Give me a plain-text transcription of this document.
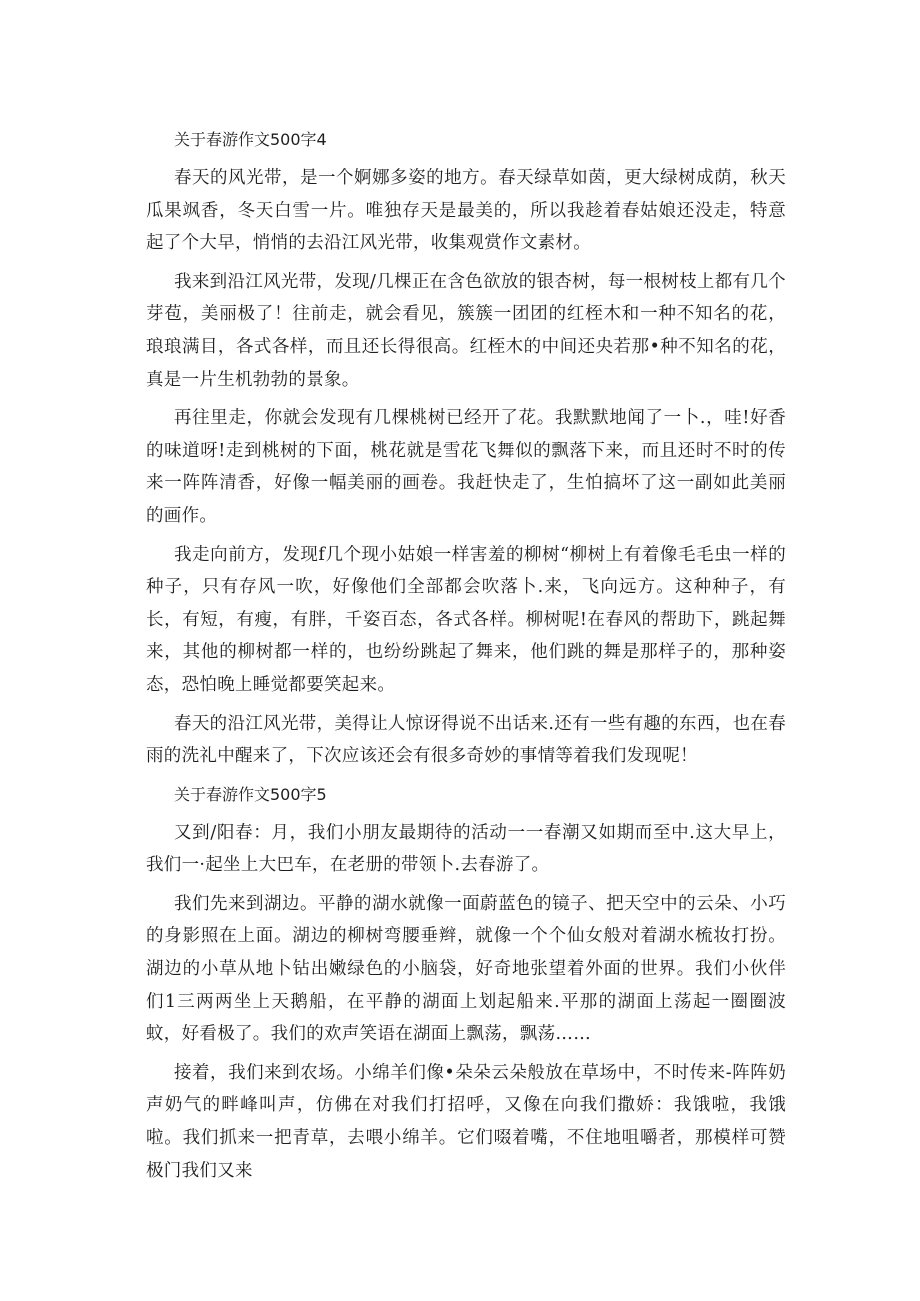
关于春游作文500字4

春天的风光带，是一个婀娜多姿的地方。春天绿草如茵，更大绿树成荫，秋天瓜果飒香，冬天白雪一片。唯独存天是最美的，所以我趁着春姑娘还没走，特意起了个大早，悄悄的去沿江风光带，收集观赏作文素材。

我来到沿江风光带，发现/几棵正在含色欲放的银杏树，每一根树枝上都有几个芽苞，美丽极了！往前走，就会看见，簇簇一团团的红桎木和一种不知名的花，琅琅满目，各式各样，而且还长得很高。红桎木的中间还央若那•种不知名的花，真是一片生机勃勃的景象。

再往里走，你就会发现有几棵桃树已经开了花。我默默地闻了一卜.，哇!好香的味道呀!走到桃树的下面，桃花就是雪花飞舞似的飘落下来，而且还时不时的传来一阵阵清香，好像一幅美丽的画卷。我赶快走了，生怕搞坏了这一副如此美丽的画作。

我走向前方，发现f几个现小姑娘一样害羞的柳树“柳树上有着像毛毛虫一样的种子，只有存风一吹，好像他们全部都会吹落卜.来，飞向远方。这种种子，有长，有短，有瘦，有胖，千姿百态，各式各样。柳树呢!在春风的帮助下，跳起舞来，其他的柳树都一样的，也纷纷跳起了舞来，他们跳的舞是那样子的，那种姿态，恐怕晚上睡觉都要笑起来。

春天的沿江风光带，美得让人惊讶得说不出话来.还有一些有趣的东西，也在春雨的洗礼中醒来了，下次应该还会有很多奇妙的事情等着我们发现呢！

关于春游作文500字5

又到/阳春：月，我们小朋友最期待的活动一一春潮又如期而至中.这大早上，我们一·起坐上大巴车，在老册的带领卜.去春游了。

我们先来到湖边。平静的湖水就像一面蔚蓝色的镜子、把天空中的云朵、小巧的身影照在上面。湖边的柳树弯腰垂辫，就像一个个仙女般对着湖水梳妆打扮。湖边的小草从地卜钻出嫩绿色的小脑袋，好奇地张望着外面的世界。我们小伙伴们1三两两坐上天鹅船，在平静的湖面上划起船来.平那的湖面上荡起一圈圈波蚊，好看极了。我们的欢声笑语在湖面上飘荡，飘荡……

接着，我们来到农场。小绵羊们像•朵朵云朵般放在草场中，不时传来-阵阵奶声奶气的畔峰叫声，仿佛在对我们打招呼，又像在向我们撒娇：我饿啦，我饿啦。我们抓来一把青草，去喂小绵羊。它们啜着嘴，不住地咀嚼者，那模样可赞极门我们又来
